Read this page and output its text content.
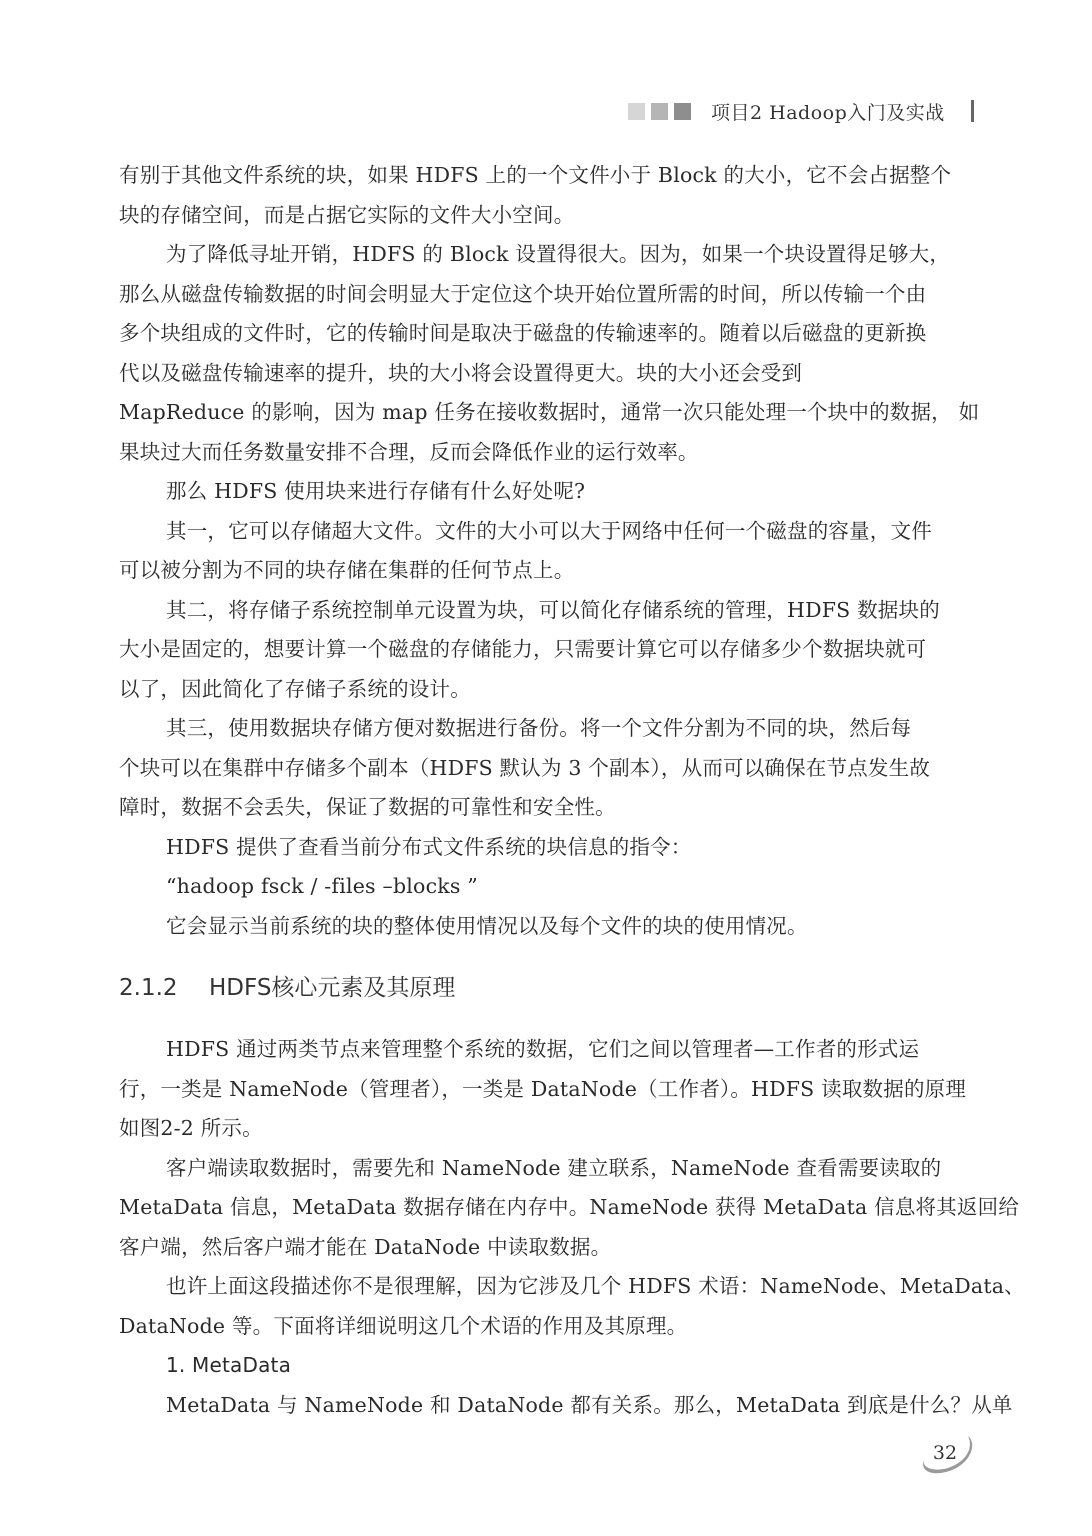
项目2 Hadoop入门及实战
有别于其他文件系统的块，如果 HDFS 上的一个文件小于 Block 的大小，它不会占据整个
块的存储空间，而是占据它实际的文件大小空间。
为了降低寻址开销，HDFS 的 Block 设置得很大。因为，如果一个块设置得足够大，
那么从磁盘传输数据的时间会明显大于定位这个块开始位置所需的时间，所以传输一个由
多个块组成的文件时，它的传输时间是取决于磁盘的传输速率的。随着以后磁盘的更新换
代以及磁盘传输速率的提升，块的大小将会设置得更大。块的大小还会受到
MapReduce 的影响，因为 map 任务在接收数据时，通常一次只能处理一个块中的数据， 如
果块过大而任务数量安排不合理，反而会降低作业的运行效率。
那么 HDFS 使用块来进行存储有什么好处呢?
其一，它可以存储超大文件。文件的大小可以大于网络中任何一个磁盘的容量，文件
可以被分割为不同的块存储在集群的任何节点上。
其二，将存储子系统控制单元设置为块，可以简化存储系统的管理，HDFS 数据块的
大小是固定的，想要计算一个磁盘的存储能力，只需要计算它可以存储多少个数据块就可
以了，因此简化了存储子系统的设计。
其三，使用数据块存储方便对数据进行备份。将一个文件分割为不同的块，然后每
个块可以在集群中存储多个副本（HDFS 默认为 3 个副本），从而可以确保在节点发生故
障时，数据不会丢失，保证了数据的可靠性和安全性。
HDFS 提供了查看当前分布式文件系统的块信息的指令：
“hadoop fsck / -files –blocks ”
它会显示当前系统的块的整体使用情况以及每个文件的块的使用情况。
2.1.2 HDFS核心元素及其原理
HDFS 通过两类节点来管理整个系统的数据，它们之间以管理者—工作者的形式运
行，一类是 NameNode（管理者），一类是 DataNode（工作者）。HDFS 读取数据的原理
如图2-2 所示。
客户端读取数据时，需要先和 NameNode 建立联系，NameNode 查看需要读取的
MetaData 信息，MetaData 数据存储在内存中。NameNode 获得 MetaData 信息将其返回给
客户端，然后客户端才能在 DataNode 中读取数据。
也许上面这段描述你不是很理解，因为它涉及几个 HDFS 术语：NameNode、MetaData、
DataNode 等。下面将详细说明这几个术语的作用及其原理。
1. MetaData
MetaData 与 NameNode 和 DataNode 都有关系。那么，MetaData 到底是什么？从单
32
